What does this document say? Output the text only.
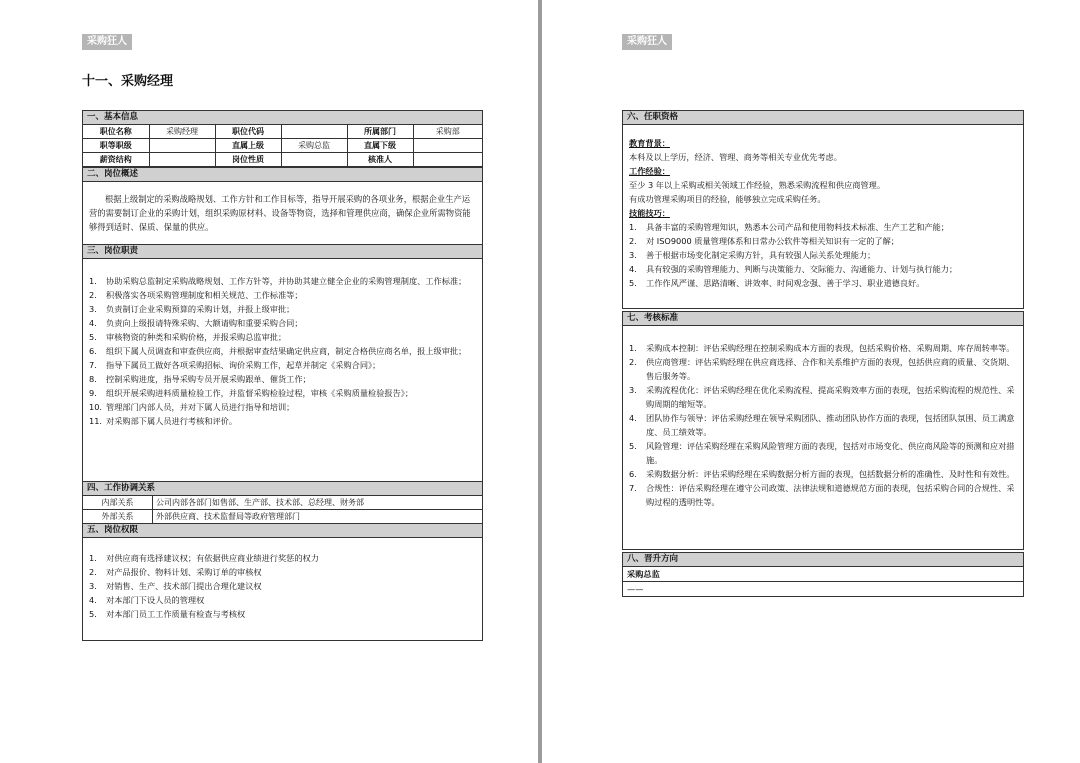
采购狂人
十一、采购经理
一、基本信息
职位名称	采购经理	职位代码		所属部门	采购部
职等职级		直属上级	采购总监	直属下级	
薪资结构		岗位性质		核准人	
二、岗位概述
根据上级制定的采购战略规划、工作方针和工作目标等，指导开展采购的各项业务，根据企业生产运营的需要制订企业的采购计划，组织采购原材料、设备等物资，选择和管理供应商，确保企业所需物资能够得到适时、保质、保量的供应。
三、岗位职责
1. 协助采购总监制定采购战略规划、工作方针等，并协助其建立健全企业的采购管理制度、工作标准；
2. 积极落实各项采购管理制度和相关规范、工作标准等；
3. 负责制订企业采购预算的采购计划，并报上级审批；
4. 负责向上级报请特殊采购、大额请购和重要采购合同；
5. 审核物资的种类和采购价格，并报采购总监审批；
6. 组织下属人员调查和审查供应商，并根据审查结果确定供应商，制定合格供应商名单，报上级审批；
7. 指导下属员工做好各项采购招标、询价采购工作，起草并制定《采购合同》；
8. 控制采购进度，指导采购专员开展采购跟单、催货工作；
9. 组织开展采购进料质量检验工作，并监督采购检验过程，审核《采购质量检验报告》；
10. 管理部门内部人员，并对下属人员进行指导和培训；
11. 对采购部下属人员进行考核和评价。
四、工作协调关系
内部关系	公司内部各部门如售部、生产部、技术部、总经理、财务部
外部关系	外部供应商、技术监督局等政府管理部门
五、岗位权限
1. 对供应商有选择建议权；有依据供应商业绩进行奖惩的权力
2. 对产品报价、物料计划、采购订单的审核权
3. 对销售、生产、技术部门提出合理化建议权
4. 对本部门下设人员的管理权
5. 对本部门员工工作质量有检查与考核权
采购狂人
六、任职资格
教育背景：
本科及以上学历，经济、管理、商务等相关专业优先考虑。
工作经验：
至少 3 年以上采购或相关领域工作经验，熟悉采购流程和供应商管理。
有成功管理采购项目的经验，能够独立完成采购任务。
技能技巧：
1. 具备丰富的采购管理知识，熟悉本公司产品和使用物料技术标准、生产工艺和产能；
2. 对 ISO9000 质量管理体系和日常办公软件等相关知识有一定的了解；
3. 善于根据市场变化制定采购方针，具有较强人际关系处理能力；
4. 具有较强的采购管理能力、判断与决策能力、交际能力、沟通能力、计划与执行能力；
5. 工作作风严谨、思路清晰、讲效率、时间观念强、善于学习、职业道德良好。
七、考核标准
1. 采购成本控制：评估采购经理在控制采购成本方面的表现，包括采购价格、采购周期、库存周转率等。
2. 供应商管理：评估采购经理在供应商选择、合作和关系维护方面的表现，包括供应商的质量、交货期、售后服务等。
3. 采购流程优化：评估采购经理在优化采购流程、提高采购效率方面的表现，包括采购流程的规范性、采购周期的缩短等。
4. 团队协作与领导：评估采购经理在领导采购团队、推动团队协作方面的表现，包括团队氛围、员工满意度、员工绩效等。
5. 风险管理：评估采购经理在采购风险管理方面的表现，包括对市场变化、供应商风险等的预测和应对措施。
6. 采购数据分析：评估采购经理在采购数据分析方面的表现，包括数据分析的准确性、及时性和有效性。
7. 合规性：评估采购经理在遵守公司政策、法律法规和道德规范方面的表现，包括采购合同的合规性、采购过程的透明性等。
八、晋升方向
采购总监
——
